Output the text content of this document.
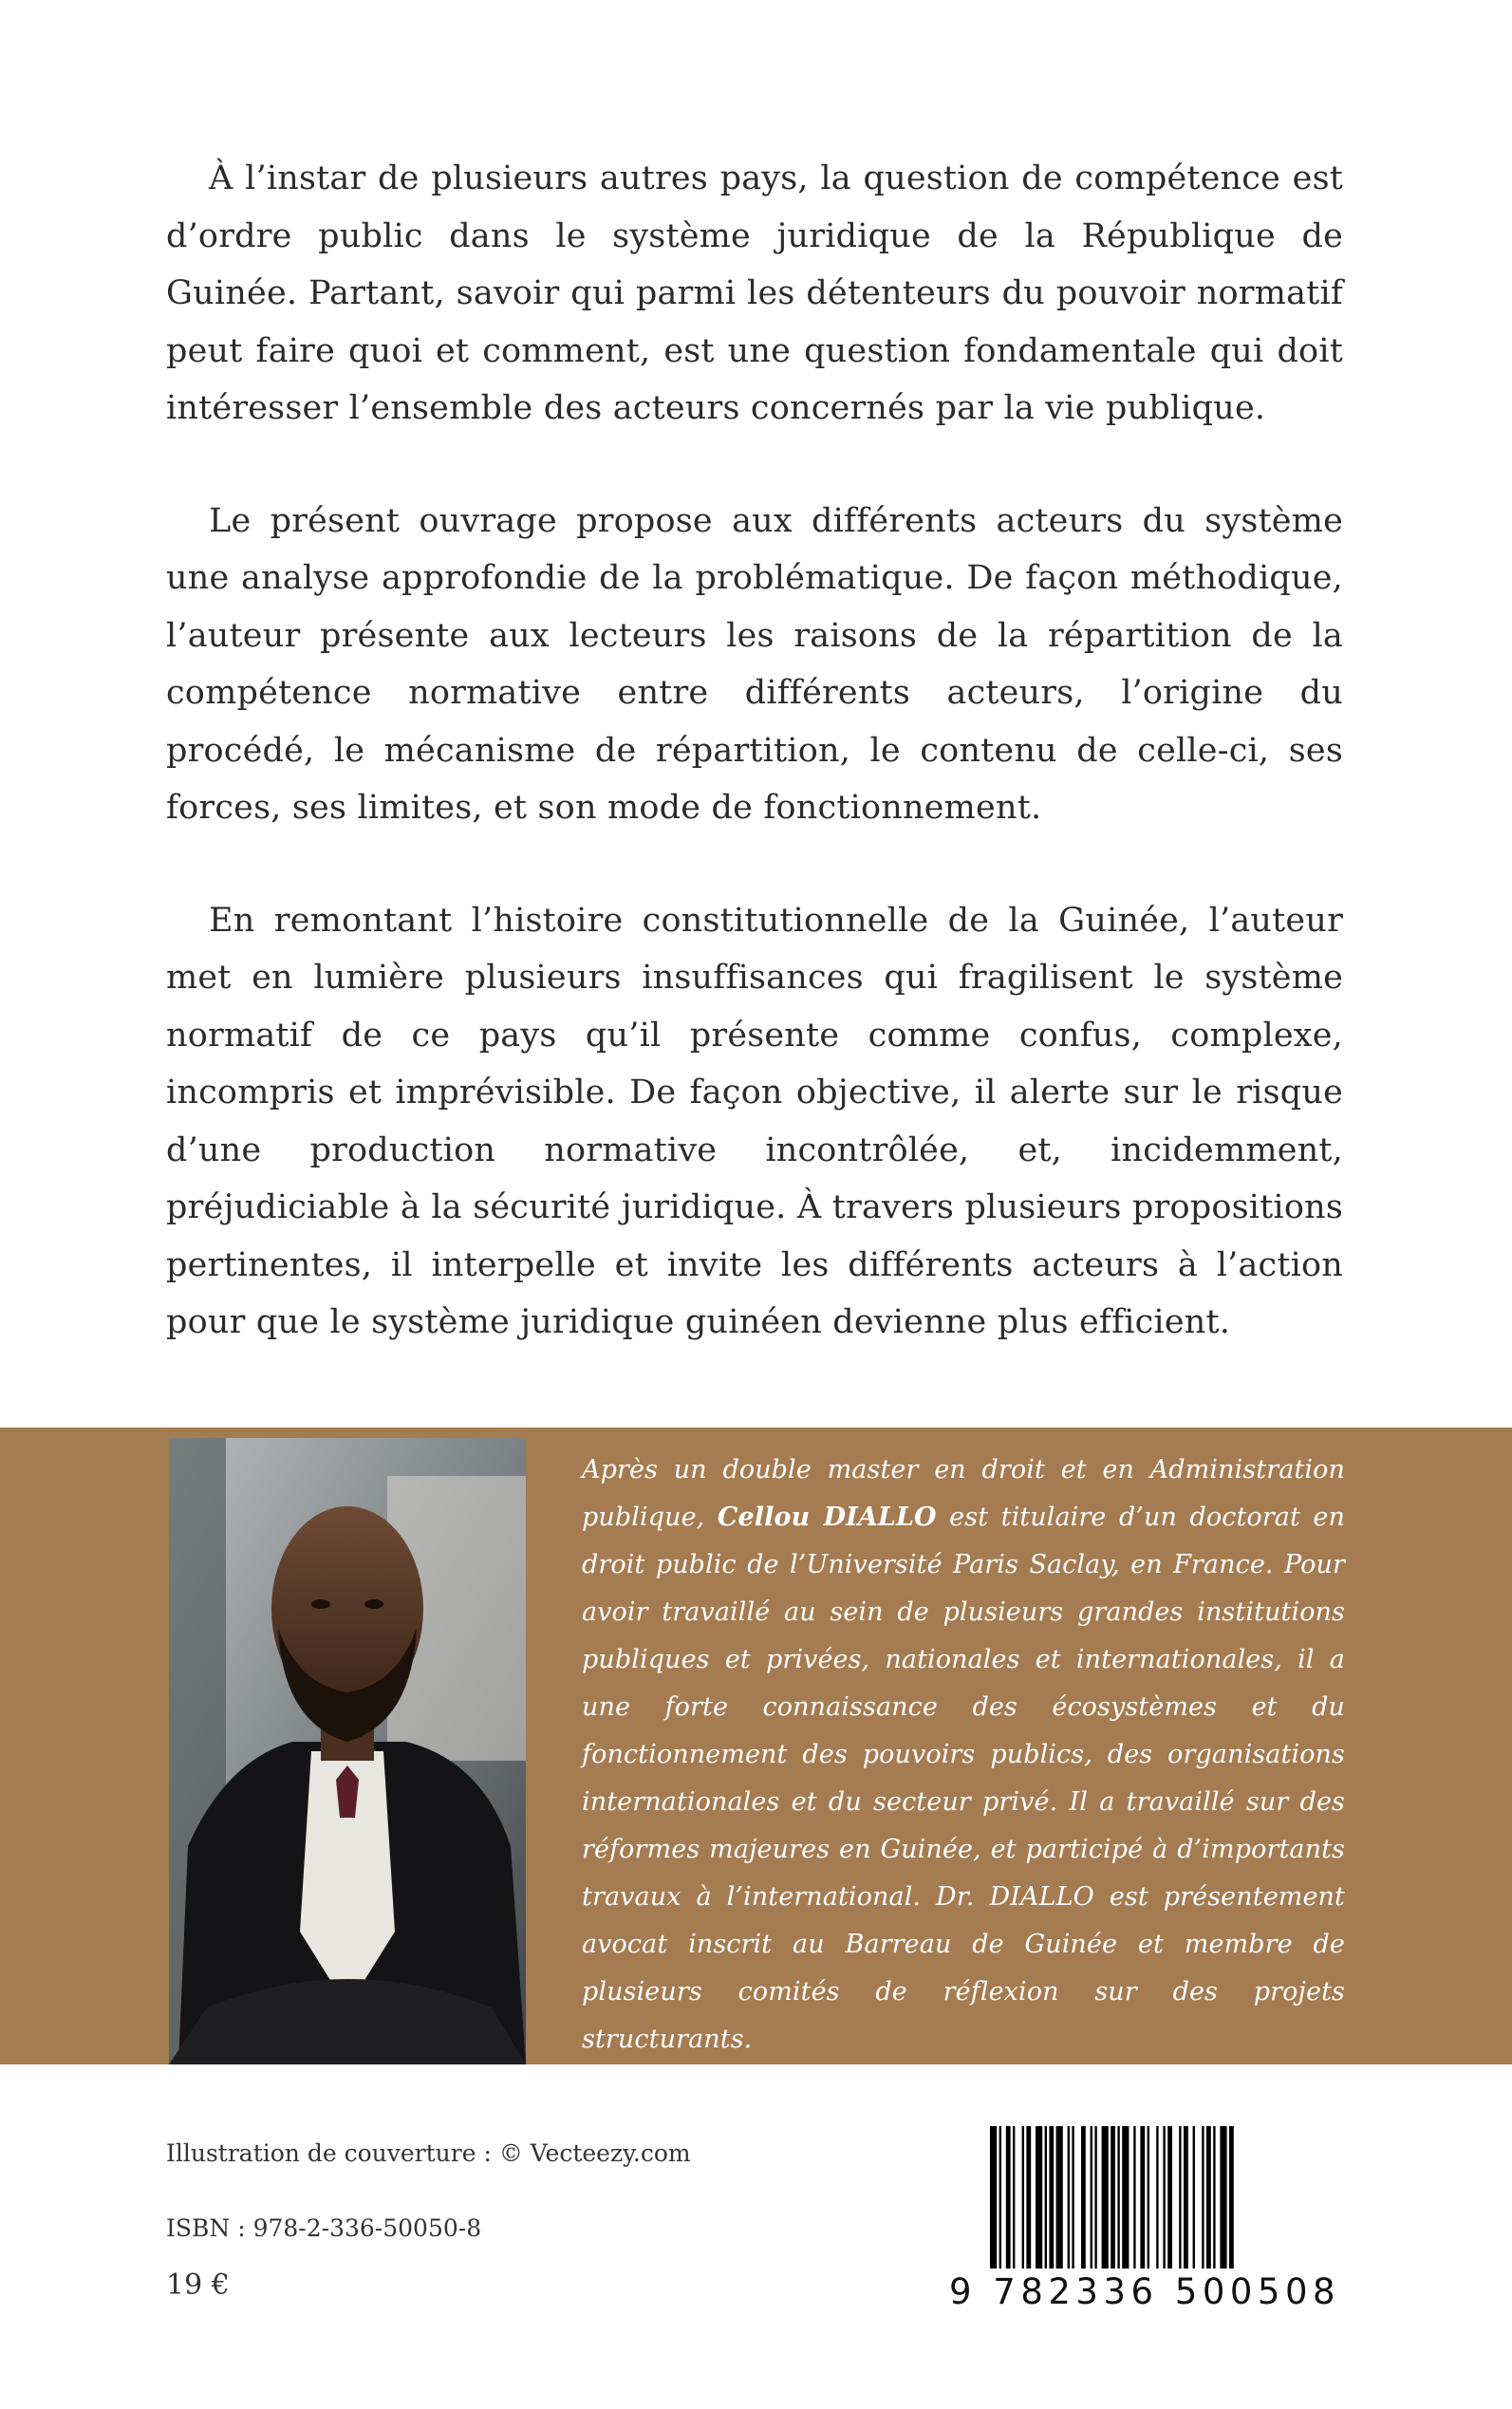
À l’instar de plusieurs autres pays, la question de compétence est d’ordre public dans le système juridique de la République de Guinée. Partant, savoir qui parmi les détenteurs du pouvoir normatif peut faire quoi et comment, est une question fondamentale qui doit intéresser l’ensemble des acteurs concernés par la vie publique.

Le présent ouvrage propose aux différents acteurs du système une analyse approfondie de la problématique. De façon méthodique, l’auteur présente aux lecteurs les raisons de la répartition de la compétence normative entre différents acteurs, l’origine du procédé, le mécanisme de répartition, le contenu de celle-ci, ses forces, ses limites, et son mode de fonctionnement.

En remontant l’histoire constitutionnelle de la Guinée, l’auteur met en lumière plusieurs insuffisances qui fragilisent le système normatif de ce pays qu’il présente comme confus, complexe, incompris et imprévisible. De façon objective, il alerte sur le risque d’une production normative incontrôlée, et, incidemment, préjudiciable à la sécurité juridique. À travers plusieurs propositions pertinentes, il interpelle et invite les différents acteurs à l’action pour que le système juridique guinéen devienne plus efficient.

Après un double master en droit et en Administration publique, Cellou DIALLO est titulaire d’un doctorat en droit public de l’Université Paris Saclay, en France. Pour avoir travaillé au sein de plusieurs grandes institutions publiques et privées, nationales et internationales, il a une forte connaissance des écosystèmes et du fonctionnement des pouvoirs publics, des organisations internationales et du secteur privé. Il a travaillé sur des réformes majeures en Guinée, et participé à d’importants travaux à l’international. Dr. DIALLO est présentement avocat inscrit au Barreau de Guinée et membre de plusieurs comités de réflexion sur des projets structurants.
Illustration de couverture : © Vecteezy.com
ISBN : 978-2-336-50050-8
19 €	9 782336 500508
